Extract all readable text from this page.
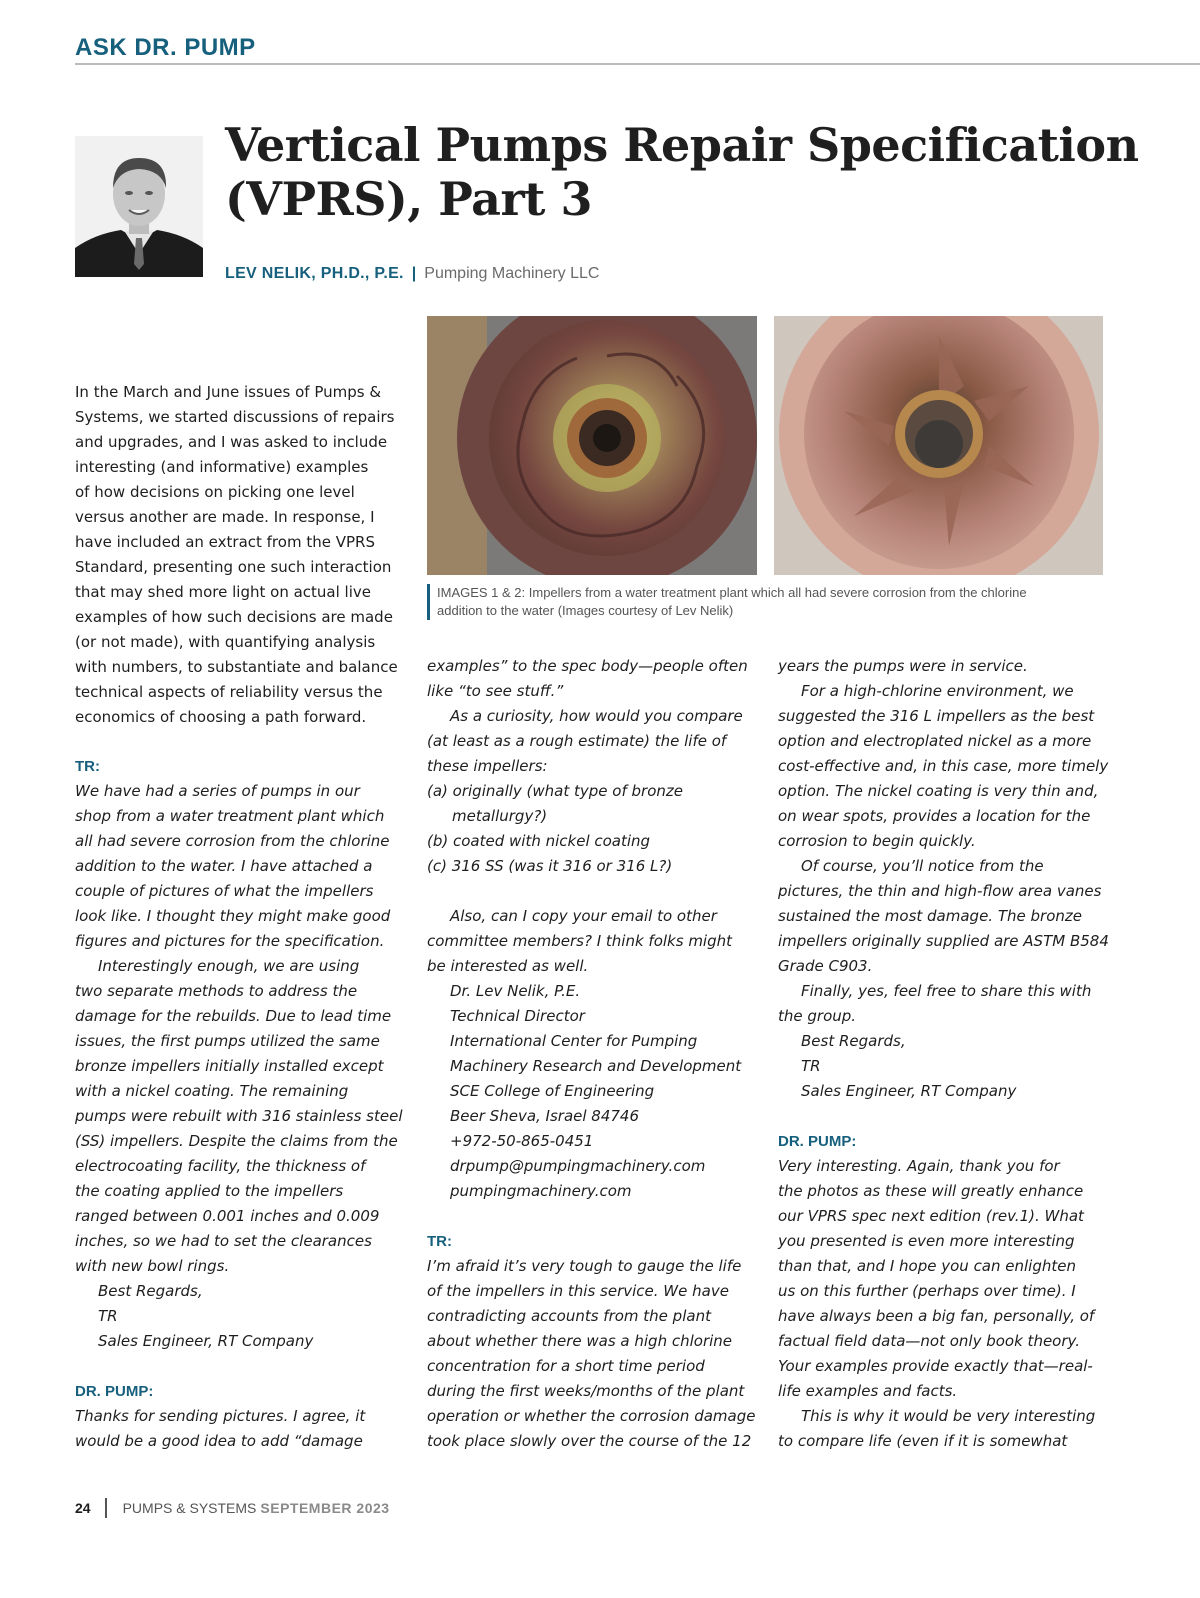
ASK DR. PUMP
Vertical Pumps Repair Specification
(VPRS), Part 3
LEV NELIK, PH.D., P.E. | Pumping Machinery LLC
IMAGES 1 & 2: Impellers from a water treatment plant which all had severe corrosion from the chlorine
addition to the water (Images courtesy of Lev Nelik)

In the March and June issues of Pumps &
Systems, we started discussions of repairs
and upgrades, and I was asked to include
interesting (and informative) examples
of how decisions on picking one level
versus another are made. In response, I
have included an extract from the VPRS
Standard, presenting one such interaction
that may shed more light on actual live
examples of how such decisions are made
(or not made), with quantifying analysis
with numbers, to substantiate and balance
technical aspects of reliability versus the
economics of choosing a path forward.

TR:

We have had a series of pumps in our
shop from a water treatment plant which
all had severe corrosion from the chlorine
addition to the water. I have attached a
couple of pictures of what the impellers
look like. I thought they might make good
figures and pictures for the specification.

Interestingly enough, we are using
two separate methods to address the
damage for the rebuilds. Due to lead time
issues, the first pumps utilized the same
bronze impellers initially installed except
with a nickel coating. The remaining
pumps were rebuilt with 316 stainless steel
(SS) impellers. Despite the claims from the
electrocoating facility, the thickness of
the coating applied to the impellers
ranged between 0.001 inches and 0.009
inches, so we had to set the clearances
with new bowl rings.

Best Regards,
TR
Sales Engineer, RT Company

DR. PUMP:

Thanks for sending pictures. I agree, it
would be a good idea to add “damage

examples” to the spec body—people often
like “to see stuff.”

As a curiosity, how would you compare
(at least as a rough estimate) the life of
these impellers:

(a) originally (what type of bronze
metallurgy?)

(b) coated with nickel coating

(c) 316 SS (was it 316 or 316 L?)

Also, can I copy your email to other
committee members? I think folks might
be interested as well.

Dr. Lev Nelik, P.E.
Technical Director
International Center for Pumping
Machinery Research and Development
SCE College of Engineering
Beer Sheva, Israel 84746
+972-50-865-0451
drpump@pumpingmachinery.com
pumpingmachinery.com

TR:

I’m afraid it’s very tough to gauge the life
of the impellers in this service. We have
contradicting accounts from the plant
about whether there was a high chlorine
concentration for a short time period
during the first weeks/months of the plant
operation or whether the corrosion damage
took place slowly over the course of the 12

years the pumps were in service.

For a high-chlorine environment, we
suggested the 316 L impellers as the best
option and electroplated nickel as a more
cost-effective and, in this case, more timely
option. The nickel coating is very thin and,
on wear spots, provides a location for the
corrosion to begin quickly.

Of course, you’ll notice from the
pictures, the thin and high-flow area vanes
sustained the most damage. The bronze
impellers originally supplied are ASTM B584
Grade C903.

Finally, yes, feel free to share this with
the group.

Best Regards,
TR
Sales Engineer, RT Company

DR. PUMP:

Very interesting. Again, thank you for
the photos as these will greatly enhance
our VPRS spec next edition (rev.1). What
you presented is even more interesting
than that, and I hope you can enlighten
us on this further (perhaps over time). I
have always been a big fan, personally, of
factual field data—not only book theory.
Your examples provide exactly that—real-
life examples and facts.

This is why it would be very interesting
to compare life (even if it is somewhat

24 PUMPS & SYSTEMS SEPTEMBER 2023
